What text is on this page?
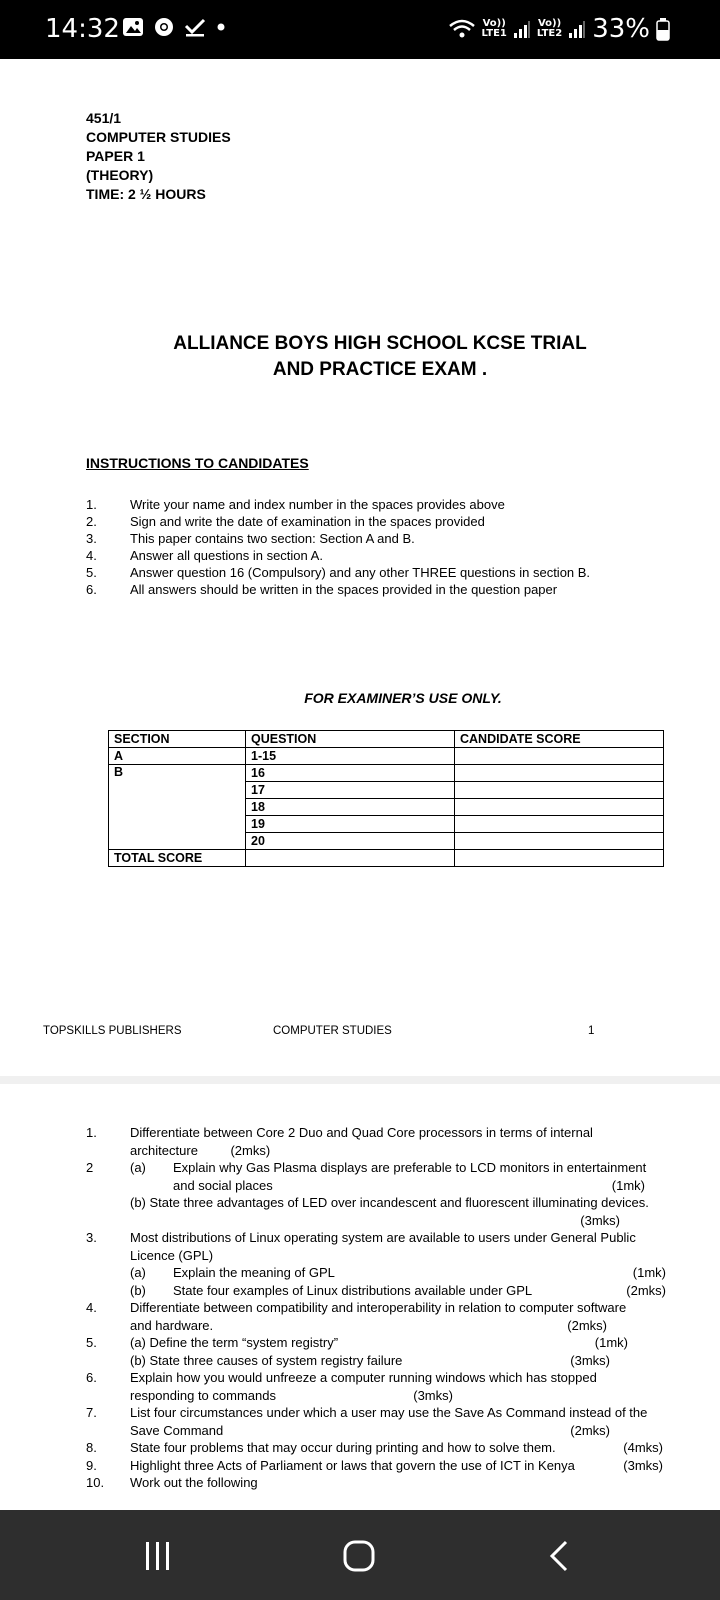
14:32	Vo))
LTE1
Vo))
LTE2 33%
451/1
COMPUTER STUDIES
PAPER 1
(THEORY)
TIME: 2 ½ HOURS
ALLIANCE BOYS HIGH SCHOOL KCSE TRIAL
AND PRACTICE EXAM .
INSTRUCTIONS TO CANDIDATES
1.	Write your name and index number in the spaces provides above
2.	Sign and write the date of examination in the spaces provided
3.	This paper contains two section: Section A and B.
4.	Answer all questions in section A.
5.	Answer question 16 (Compulsory) and any other THREE questions in section B.
6.	All answers should be written in the spaces provided in the question paper
FOR EXAMINER’S USE ONLY.
SECTION	QUESTION	CANDIDATE SCORE
A	1-15	
B	16	
	17	
	18	
	19	
	20	
TOTAL SCORE		
TOPSKILLS PUBLISHERS	COMPUTER STUDIES	1
1.	Differentiate between Core 2 Duo and Quad Core processors in terms of internal
architecture	(2mks)
2	(a)	Explain why Gas Plasma displays are preferable to LCD monitors in entertainment
and social places	(1mk)
(b) State three advantages of LED over incandescent and fluorescent illuminating devices.
(3mks)
3.	Most distributions of Linux operating system are available to users under General Public
Licence (GPL)
(a) Explain the meaning of GPL	(1mk)
(b) State four examples of Linux distributions available under GPL	(2mks)
4.	Differentiate between compatibility and interoperability in relation to computer software
and hardware.	(2mks)
5.	(a) Define the term “system registry”	(1mk)
(b) State three causes of system registry failure	(3mks)
6.	Explain how you would unfreeze a computer running windows which has stopped
responding to commands	(3mks)
7.	List four circumstances under which a user may use the Save As Command instead of the
Save Command	(2mks)
8.	State four problems that may occur during printing and how to solve them.	(4mks)
9.	Highlight three Acts of Parliament or laws that govern the use of ICT in Kenya	(3mks)
10.	Work out the following
